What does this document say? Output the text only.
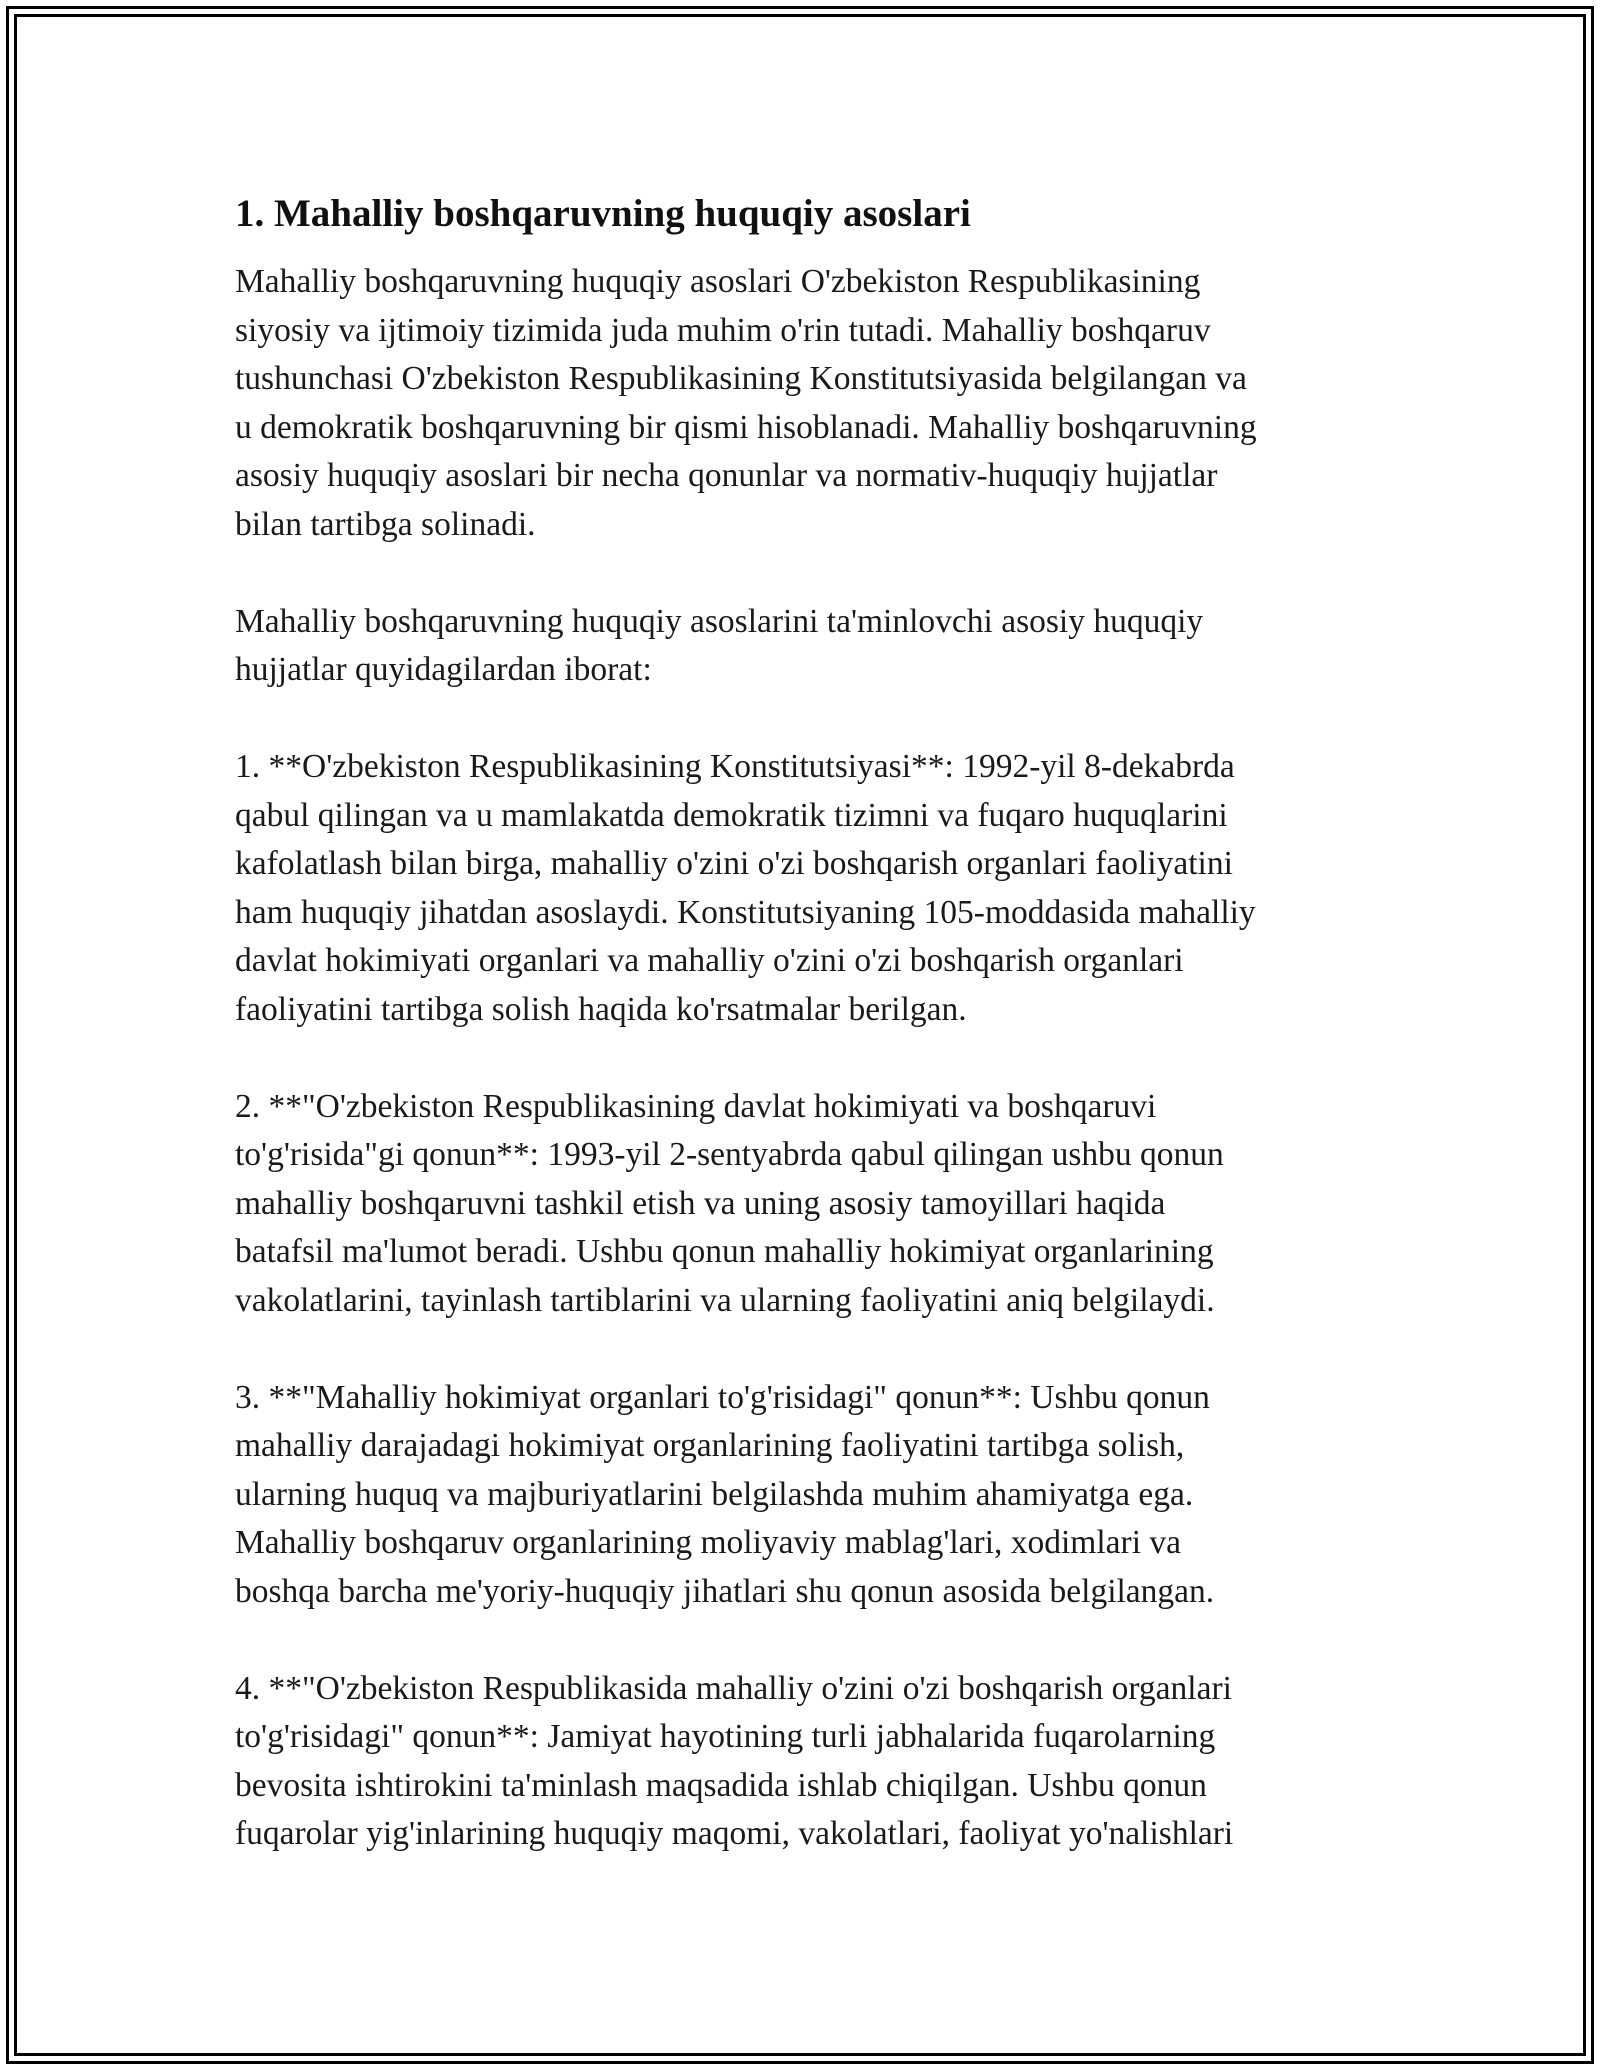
1. Mahalliy boshqaruvning huquqiy asoslari

Mahalliy boshqaruvning huquqiy asoslari O'zbekiston Respublikasining
siyosiy va ijtimoiy tizimida juda muhim o'rin tutadi. Mahalliy boshqaruv
tushunchasi O'zbekiston Respublikasining Konstitutsiyasida belgilangan va
u demokratik boshqaruvning bir qismi hisoblanadi. Mahalliy boshqaruvning
asosiy huquqiy asoslari bir necha qonunlar va normativ-huquqiy hujjatlar
bilan tartibga solinadi.

Mahalliy boshqaruvning huquqiy asoslarini ta'minlovchi asosiy huquqiy
hujjatlar quyidagilardan iborat:

1. **O'zbekiston Respublikasining Konstitutsiyasi**: 1992-yil 8-dekabrda
qabul qilingan va u mamlakatda demokratik tizimni va fuqaro huquqlarini
kafolatlash bilan birga, mahalliy o'zini o'zi boshqarish organlari faoliyatini
ham huquqiy jihatdan asoslaydi. Konstitutsiyaning 105-moddasida mahalliy
davlat hokimiyati organlari va mahalliy o'zini o'zi boshqarish organlari
faoliyatini tartibga solish haqida ko'rsatmalar berilgan.

2. **"O'zbekiston Respublikasining davlat hokimiyati va boshqaruvi
to'g'risida"gi qonun**: 1993-yil 2-sentyabrda qabul qilingan ushbu qonun
mahalliy boshqaruvni tashkil etish va uning asosiy tamoyillari haqida
batafsil ma'lumot beradi. Ushbu qonun mahalliy hokimiyat organlarining
vakolatlarini, tayinlash tartiblarini va ularning faoliyatini aniq belgilaydi.

3. **"Mahalliy hokimiyat organlari to'g'risidagi" qonun**: Ushbu qonun
mahalliy darajadagi hokimiyat organlarining faoliyatini tartibga solish,
ularning huquq va majburiyatlarini belgilashda muhim ahamiyatga ega.
Mahalliy boshqaruv organlarining moliyaviy mablag'lari, xodimlari va
boshqa barcha me'yoriy-huquqiy jihatlari shu qonun asosida belgilangan.

4. **"O'zbekiston Respublikasida mahalliy o'zini o'zi boshqarish organlari
to'g'risidagi" qonun**: Jamiyat hayotining turli jabhalarida fuqarolarning
bevosita ishtirokini ta'minlash maqsadida ishlab chiqilgan. Ushbu qonun
fuqarolar yig'inlarining huquqiy maqomi, vakolatlari, faoliyat yo'nalishlari
